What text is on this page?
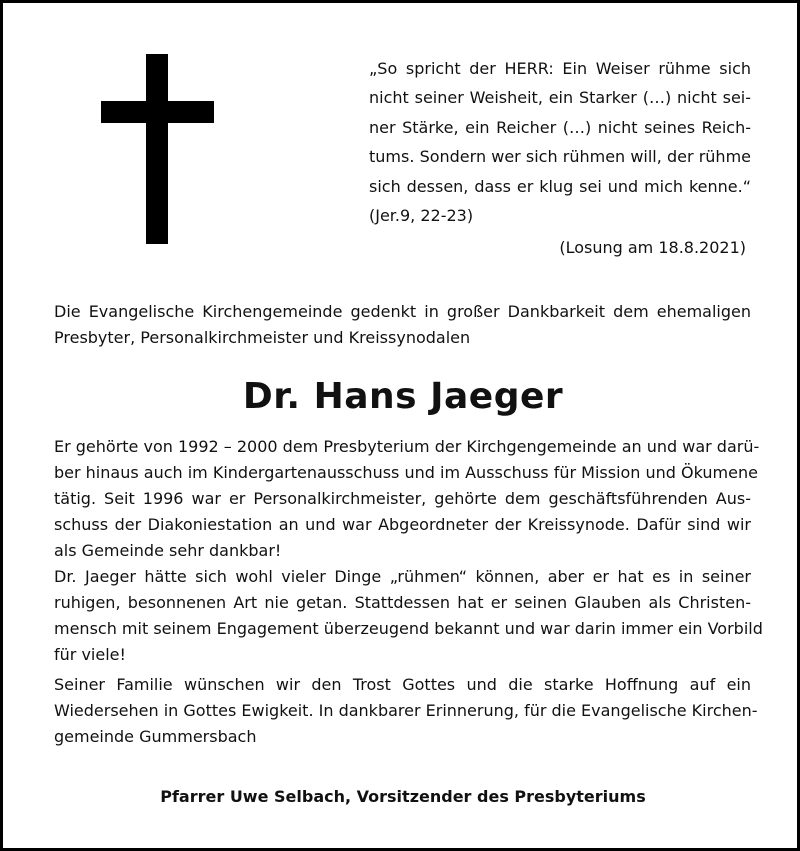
„So spricht der HERR: Ein Weiser rühme sich
nicht seiner Weisheit, ein Starker (…) nicht sei-
ner Stärke, ein Reicher (…) nicht seines Reich-
tums. Sondern wer sich rühmen will, der rühme
sich dessen, dass er klug sei und mich kenne.“
(Jer.9, 22-23)

(Losung am 18.8.2021)

Die Evangelische Kirchengemeinde gedenkt in großer Dankbarkeit dem ehemaligen
Presbyter, Personalkirchmeister und Kreissynodalen

Dr. Hans Jaeger

Er gehörte von 1992 – 2000 dem Presbyterium der Kirchgengemeinde an und war darü-
ber hinaus auch im Kindergartenausschuss und im Ausschuss für Mission und Ökumene
tätig. Seit 1996 war er Personalkirchmeister, gehörte dem geschäftsführenden Aus-
schuss der Diakoniestation an und war Abgeordneter der Kreissynode. Dafür sind wir
als Gemeinde sehr dankbar!

Dr. Jaeger hätte sich wohl vieler Dinge „rühmen“ können, aber er hat es in seiner
ruhigen, besonnenen Art nie getan. Stattdessen hat er seinen Glauben als Christen-
mensch mit seinem Engagement überzeugend bekannt und war darin immer ein Vorbild
für viele!

Seiner Familie wünschen wir den Trost Gottes und die starke Hoffnung auf ein
Wiedersehen in Gottes Ewigkeit. In dankbarer Erinnerung, für die Evangelische Kirchen-
gemeinde Gummersbach

Pfarrer Uwe Selbach, Vorsitzender des Presbyteriums
